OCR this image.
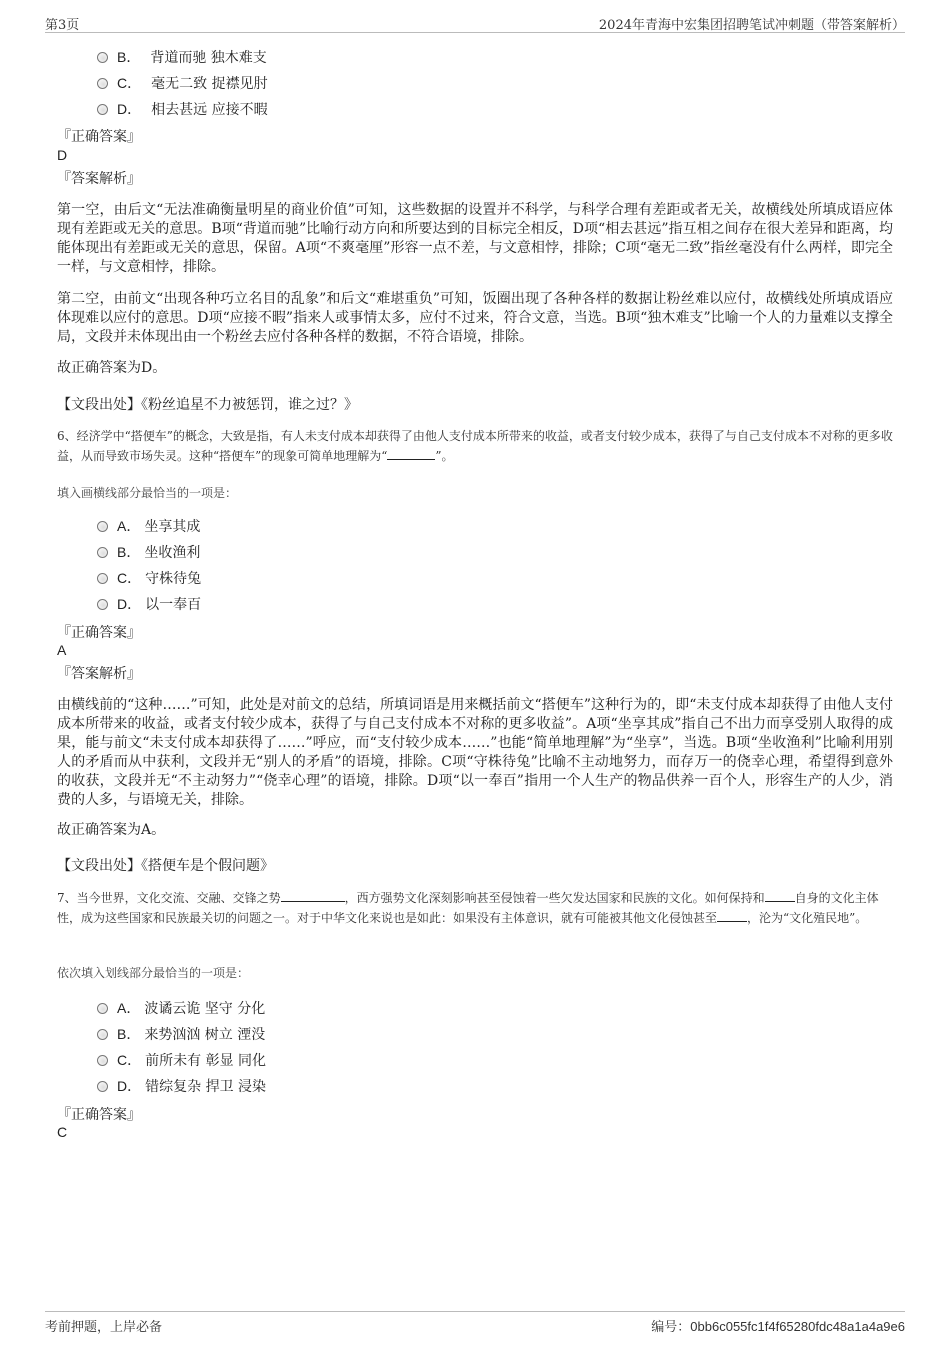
第3页	2024年青海中宏集团招聘笔试冲刺题（带答案解析）
B． 背道而驰 独木难支
C． 毫无二致 捉襟见肘
D． 相去甚远 应接不暇
『正确答案』
D
『答案解析』
第一空，由后文“无法准确衡量明星的商业价值”可知，这些数据的设置并不科学，与科学合理有差距或者无关，故横线处所填成语应体现有差距或无关的意思。B项“背道而驰”比喻行动方向和所要达到的目标完全相反，D项“相去甚远”指互相之间存在很大差异和距离，均能体现出有差距或无关的意思，保留。A项“不爽毫厘”形容一点不差，与文意相悖，排除；C项“毫无二致”指丝毫没有什么两样，即完全一样，与文意相悖，排除。
第二空，由前文“出现各种巧立名目的乱象”和后文“难堪重负”可知，饭圈出现了各种各样的数据让粉丝难以应付，故横线处所填成语应体现难以应付的意思。D项“应接不暇”指来人或事情太多，应付不过来，符合文意，当选。B项“独木难支”比喻一个人的力量难以支撑全局，文段并未体现出由一个粉丝去应付各种各样的数据，不符合语境，排除。
故正确答案为D。
【文段出处】《粉丝追星不力被惩罚，谁之过？》
6、经济学中“搭便车”的概念，大致是指，有人未支付成本却获得了由他人支付成本所带来的收益，或者支付较少成本，获得了与自己支付成本不对称的更多收益，从而导致市场失灵。这种“搭便车”的现象可简单地理解为“	”。
填入画横线部分最恰当的一项是：
A． 坐享其成
B． 坐收渔利
C． 守株待兔
D． 以一奉百
『正确答案』
A
『答案解析』
由横线前的“这种……”可知，此处是对前文的总结，所填词语是用来概括前文“搭便车”这种行为的，即“未支付成本却获得了由他人支付成本所带来的收益，或者支付较少成本，获得了与自己支付成本不对称的更多收益”。A项“坐享其成”指自己不出力而享受别人取得的成果，能与前文“未支付成本却获得了……”呼应，而“支付较少成本……”也能“简单地理解”为“坐享”，当选。B项“坐收渔利”比喻利用别人的矛盾而从中获利，文段并无“别人的矛盾”的语境，排除。C项“守株待兔”比喻不主动地努力，而存万一的侥幸心理，希望得到意外的收获，文段并无“不主动努力”“侥幸心理”的语境，排除。D项“以一奉百”指用一个人生产的物品供养一百个人，形容生产的人少，消费的人多，与语境无关，排除。
故正确答案为A。
【文段出处】《搭便车是个假问题》
7、当今世界，文化交流、交融、交锋之势	，西方强势文化深刻影响甚至侵蚀着一些欠发达国家和民族的文化。如何保持和	自身的文化主体性，成为这些国家和民族最关切的问题之一。对于中华文化来说也是如此：如果没有主体意识，就有可能被其他文化侵蚀甚至	，沦为“文化殖民地”。
依次填入划线部分最恰当的一项是：
A． 波谲云诡 坚守 分化
B． 来势汹汹 树立 湮没
C． 前所未有 彰显 同化
D． 错综复杂 捍卫 浸染
『正确答案』
C
考前押题，上岸必备	编号：0bb6c055fc1f4f65280fdc48a1a4a9e6
